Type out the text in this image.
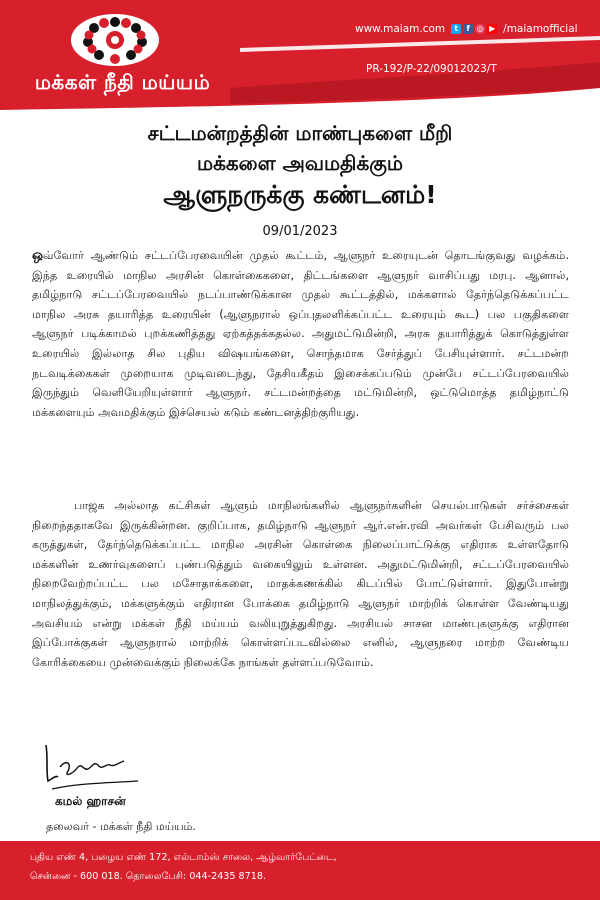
மக்கள் நீதி மய்யம்
www.maiam.com	t	f ◎ ▶ /maiamofficial
PR-192/P-22/09012023/T
சட்டமன்றத்தின் மாண்புகளை மீறி
மக்களை அவமதிக்கும்
ஆளுநருக்கு கண்டனம்!
09/01/2023

ஒவ்வோர் ஆண்டும் சட்டப்பேரவையின் முதல் கூட்டம், ஆளுநர் உரையுடன் தொடங்குவது வழக்கம். இந்த உரையில் மாநில அரசின் கொள்கைகளை, திட்டங்களை ஆளுநர் வாசிப்பது மரபு. ஆனால், தமிழ்நாடு சட்டப்பேரவையில் நடப்பாண்டுக்கான முதல் கூட்டத்தில், மக்களால் தேர்ந்தெடுக்கப்பட்ட மாநில அரசு தயாரித்த உரையின் (ஆளுநரால் ஒப்புதலளிக்கப்பட்ட உரையும் கூட) பல பகுதிகளை ஆளுநர் படிக்காமல் புறக்கணித்தது ஏற்கத்தக்கதல்ல. அதுமட்டுமின்றி, அரசு தயாரித்துக் கொடுத்துள்ள உரையில் இல்லாத சில புதிய விஷயங்களை, சொந்தமாக சேர்த்துப் பேசியுள்ளார். சட்டமன்ற நடவடிக்கைகள் முறையாக முடிவடைந்து, தேசியகீதம் இசைக்கப்படும் முன்பே சட்டப்பேரவையில் இருந்தும் வெளியேறியுள்ளார் ஆளுநர். சட்டமன்றத்தை மட்டுமின்றி, ஒட்டுமொத்த தமிழ்நாட்டு மக்களையும் அவமதிக்கும் இச்செயல் கடும் கண்டனத்திற்குரியது.

பாஜக அல்லாத கட்சிகள் ஆளும் மாநிலங்களில் ஆளுநர்களின் செயல்பாடுகள் சர்ச்சைகள் நிறைந்ததாகவே இருக்கின்றன. குறிப்பாக, தமிழ்நாடு ஆளுநர் ஆர்.என்.ரவி அவர்கள் பேசிவரும் பல கருத்துகள், தேர்ந்தெடுக்கப்பட்ட மாநில அரசின் கொள்கை நிலைப்பாட்டுக்கு எதிராக உள்ளதோடு மக்களின் உணர்வுகளைப் புண்படுத்தும் வகையிலும் உள்ளன. அதுமட்டுமின்றி, சட்டப்பேரவையில் நிறைவேற்றப்பட்ட பல மசோதாக்களை, மாதக்கணக்கில் கிடப்பில் போட்டுள்ளார். இதுபோன்று மாநிலத்துக்கும், மக்களுக்கும் எதிரான போக்கை தமிழ்நாடு ஆளுநர் மாற்றிக் கொள்ள வேண்டியது அவசியம் என்று மக்கள் நீதி மய்யம் வலியுறுத்துகிறது. அரசியல் சாசன மாண்புகளுக்கு எதிரான இப்போக்குகள் ஆளுநரால் மாற்றிக் கொள்ளப்படவில்லை எனில், ஆளுநரை மாற்ற வேண்டிய கோரிக்கையை முன்வைக்கும் நிலைக்கே நாங்கள் தள்ளப்படுவோம்.

கமல் ஹாசன்
தலைவர் - மக்கள் நீதி மய்யம்.
புதிய எண் 4, பழைய எண் 172, எல்டாம்ஸ் சாலை, ஆழ்வார்பேட்டை,
சென்னை - 600 018. தொலைபேசி: 044-2435 8718.
